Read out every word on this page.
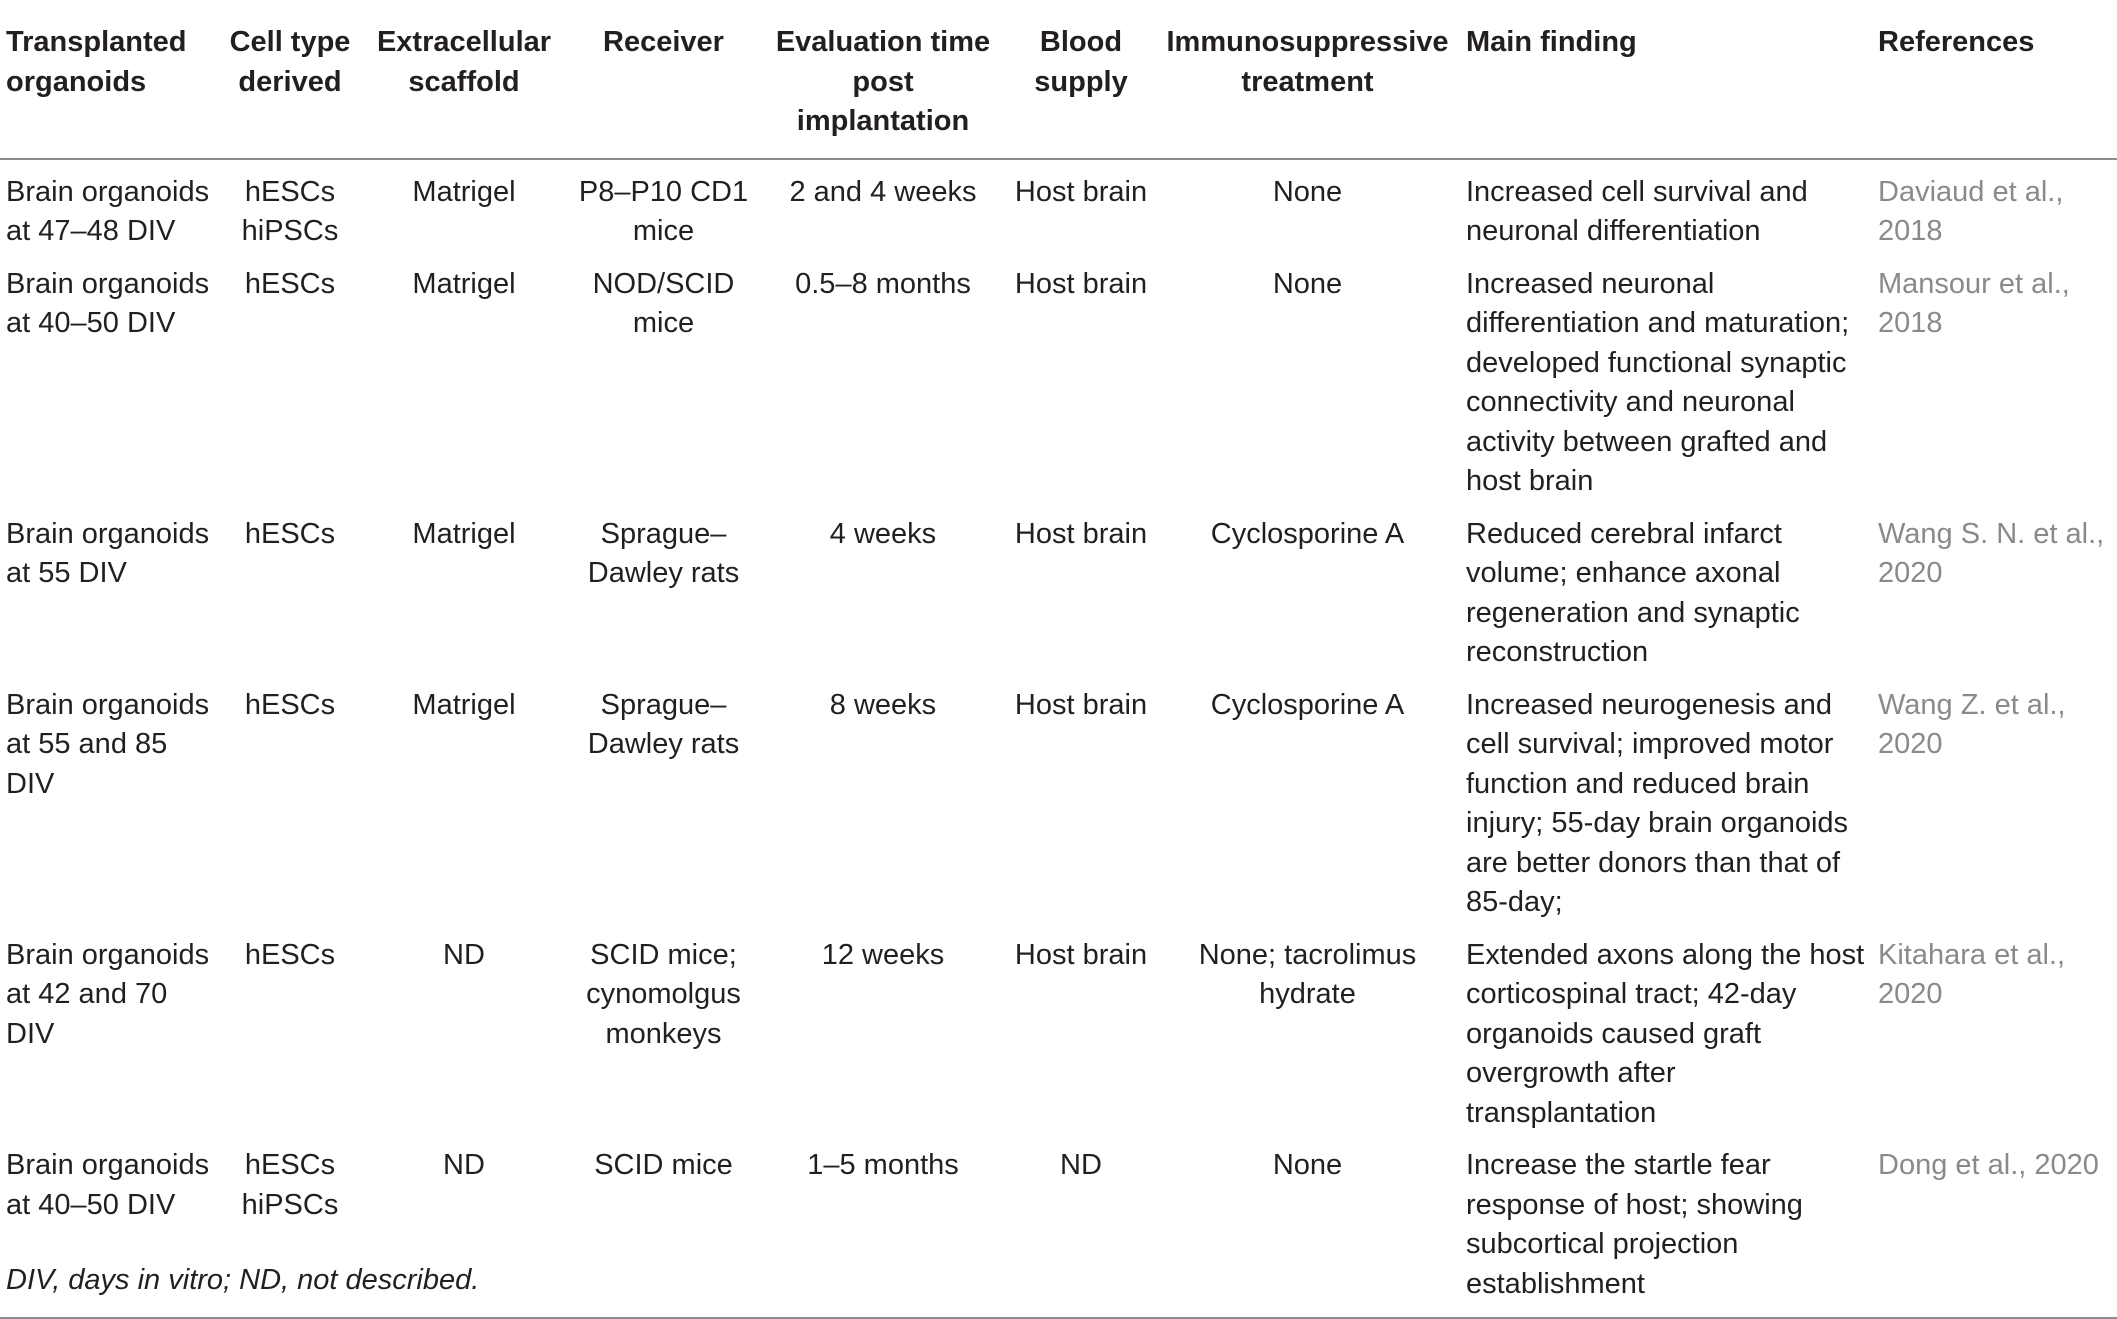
Transplanted organoids	Cell type derived	Extracellular scaffold	Receiver	Evaluation time post implantation	Blood supply	Immunosuppressive treatment	Main finding	References
Brain organoids at 47–48 DIV	hESCs hiPSCs	Matrigel	P8–P10 CD1 mice	2 and 4 weeks	Host brain	None	Increased cell survival and neuronal differentiation	Daviaud et al., 2018
Brain organoids at 40–50 DIV	hESCs	Matrigel	NOD/SCID mice	0.5–8 months	Host brain	None	Increased neuronal differentiation and maturation; developed functional synaptic connectivity and neuronal activity between grafted and host brain	Mansour et al., 2018
Brain organoids at 55 DIV	hESCs	Matrigel	Sprague–Dawley rats	4 weeks	Host brain	Cyclosporine A	Reduced cerebral infarct volume; enhance axonal regeneration and synaptic reconstruction	Wang S. N. et al., 2020
Brain organoids at 55 and 85 DIV	hESCs	Matrigel	Sprague–Dawley rats	8 weeks	Host brain	Cyclosporine A	Increased neurogenesis and cell survival; improved motor function and reduced brain injury; 55-day brain organoids are better donors than that of 85-day;	Wang Z. et al., 2020
Brain organoids at 42 and 70 DIV	hESCs	ND	SCID mice; cynomolgus monkeys	12 weeks	Host brain	None; tacrolimus hydrate	Extended axons along the host corticospinal tract; 42-day organoids caused graft overgrowth after transplantation	Kitahara et al., 2020
Brain organoids at 40–50 DIV	hESCs hiPSCs	ND	SCID mice	1–5 months	ND	None	Increase the startle fear response of host; showing subcortical projection establishment	Dong et al., 2020
DIV, days in vitro; ND, not described.
